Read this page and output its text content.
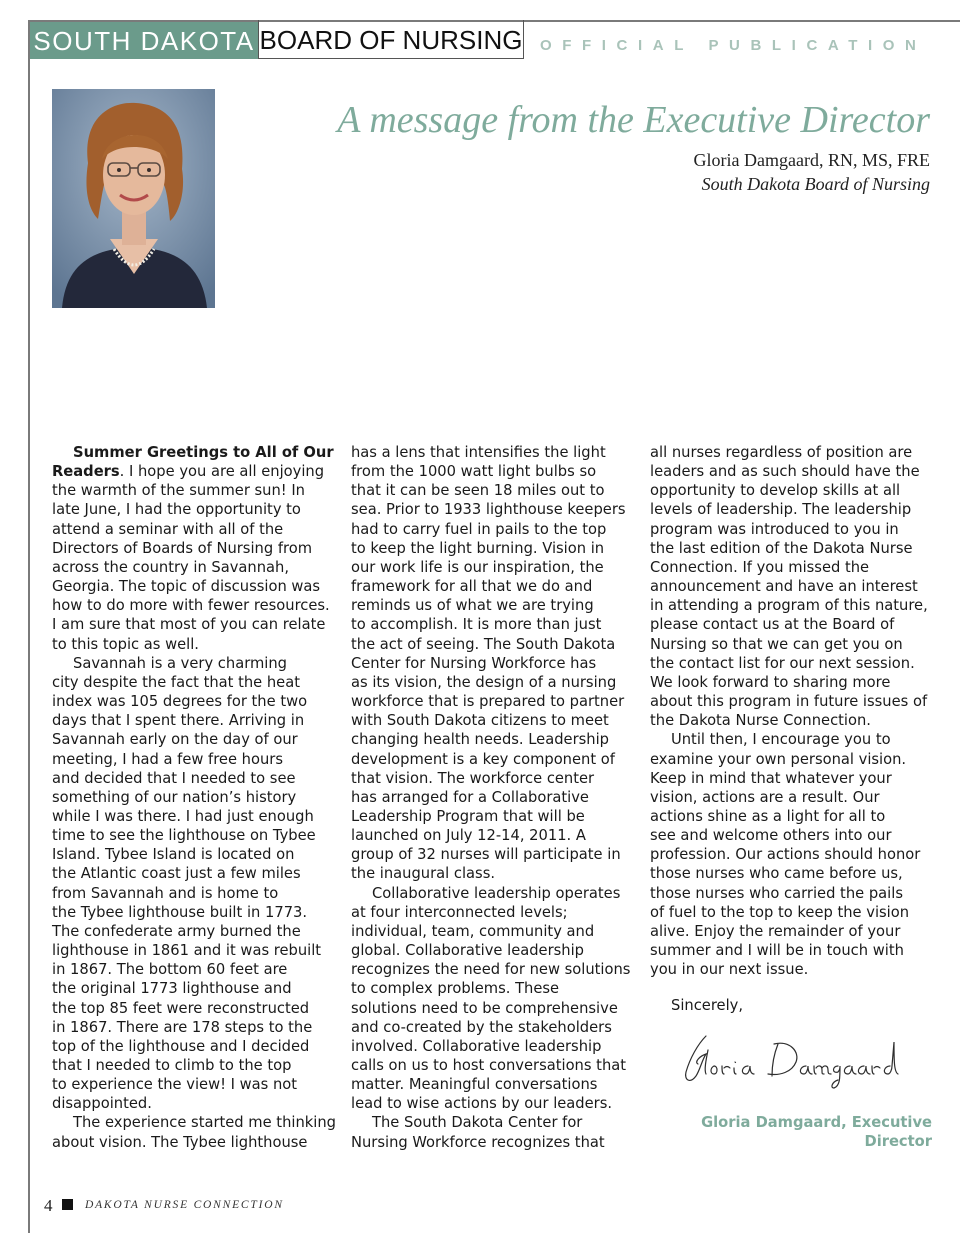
SOUTH DAKOTA BOARD OF NURSING OFFICIAL PUBLICATION
A message from the Executive Director
Gloria Damgaard, RN, MS, FRE
South Dakota Board of Nursing
Summer Greetings to All of Our
Readers. I hope you are all enjoying
the warmth of the summer sun! In
late June, I had the opportunity to
attend a seminar with all of the
Directors of Boards of Nursing from
across the country in Savannah,
Georgia. The topic of discussion was
how to do more with fewer resources.
I am sure that most of you can relate
to this topic as well.
Savannah is a very charming
city despite the fact that the heat
index was 105 degrees for the two
days that I spent there. Arriving in
Savannah early on the day of our
meeting, I had a few free hours
and decided that I needed to see
something of our nation’s history
while I was there. I had just enough
time to see the lighthouse on Tybee
Island. Tybee Island is located on
the Atlantic coast just a few miles
from Savannah and is home to
the Tybee lighthouse built in 1773.
The confederate army burned the
lighthouse in 1861 and it was rebuilt
in 1867. The bottom 60 feet are
the original 1773 lighthouse and
the top 85 feet were reconstructed
in 1867. There are 178 steps to the
top of the lighthouse and I decided
that I needed to climb to the top
to experience the view! I was not
disappointed.
The experience started me thinking
about vision. The Tybee lighthouse
has a lens that intensifies the light
from the 1000 watt light bulbs so
that it can be seen 18 miles out to
sea. Prior to 1933 lighthouse keepers
had to carry fuel in pails to the top
to keep the light burning. Vision in
our work life is our inspiration, the
framework for all that we do and
reminds us of what we are trying
to accomplish. It is more than just
the act of seeing. The South Dakota
Center for Nursing Workforce has
as its vision, the design of a nursing
workforce that is prepared to partner
with South Dakota citizens to meet
changing health needs. Leadership
development is a key component of
that vision. The workforce center
has arranged for a Collaborative
Leadership Program that will be
launched on July 12-14, 2011. A
group of 32 nurses will participate in
the inaugural class.
Collaborative leadership operates
at four interconnected levels;
individual, team, community and
global. Collaborative leadership
recognizes the need for new solutions
to complex problems. These
solutions need to be comprehensive
and co-created by the stakeholders
involved. Collaborative leadership
calls on us to host conversations that
matter. Meaningful conversations
lead to wise actions by our leaders.
The South Dakota Center for
Nursing Workforce recognizes that
all nurses regardless of position are
leaders and as such should have the
opportunity to develop skills at all
levels of leadership. The leadership
program was introduced to you in
the last edition of the Dakota Nurse
Connection. If you missed the
announcement and have an interest
in attending a program of this nature,
please contact us at the Board of
Nursing so that we can get you on
the contact list for our next session.
We look forward to sharing more
about this program in future issues of
the Dakota Nurse Connection.
Until then, I encourage you to
examine your own personal vision.
Keep in mind that whatever your
vision, actions are a result. Our
actions shine as a light for all to
see and welcome others into our
profession. Our actions should honor
those nurses who came before us,
those nurses who carried the pails
of fuel to the top to keep the vision
alive. Enjoy the remainder of your
summer and I will be in touch with
you in our next issue.
Sincerely,
Gloria Damgaard, Executive
Director
4	DAKOTA NURSE CONNECTION
